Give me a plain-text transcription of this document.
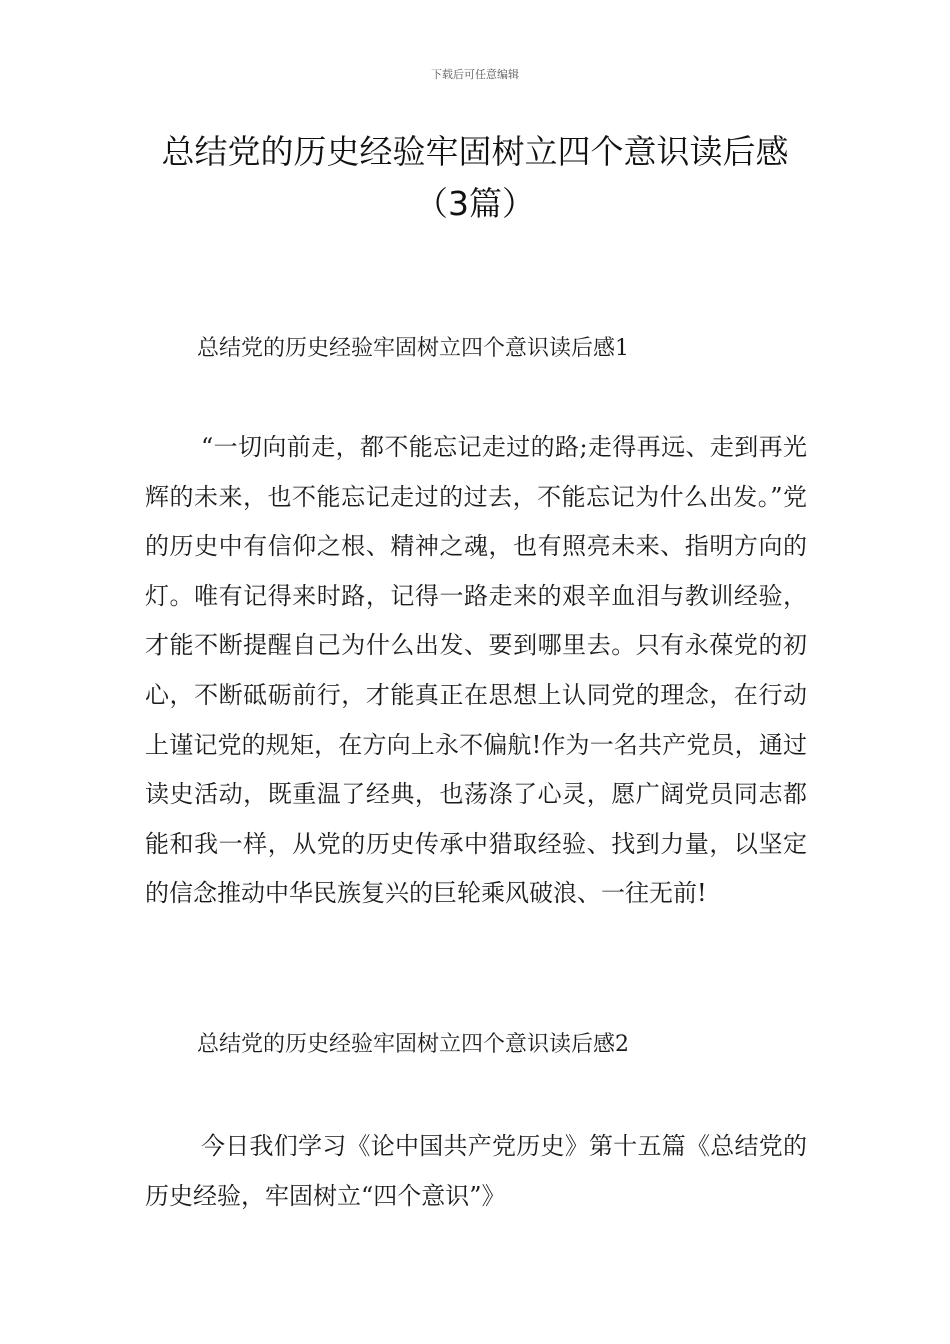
下载后可任意编辑
总结党的历史经验牢固树立四个意识读后感（3篇）

总结党的历史经验牢固树立四个意识读后感1

“一切向前走，都不能忘记走过的路;走得再远、走到再光辉的未来，也不能忘记走过的过去，不能忘记为什么出发。”党的历史中有信仰之根、精神之魂，也有照亮未来、指明方向的灯。唯有记得来时路，记得一路走来的艰辛血泪与教训经验，才能不断提醒自己为什么出发、要到哪里去。只有永葆党的初心，不断砥砺前行，才能真正在思想上认同党的理念，在行动上谨记党的规矩，在方向上永不偏航!作为一名共产党员，通过读史活动，既重温了经典，也荡涤了心灵，愿广阔党员同志都能和我一样，从党的历史传承中猎取经验、找到力量，以坚定的信念推动中华民族复兴的巨轮乘风破浪、一往无前!

总结党的历史经验牢固树立四个意识读后感2

今日我们学习《论中国共产党历史》第十五篇《总结党的历史经验，牢固树立“四个意识”》
